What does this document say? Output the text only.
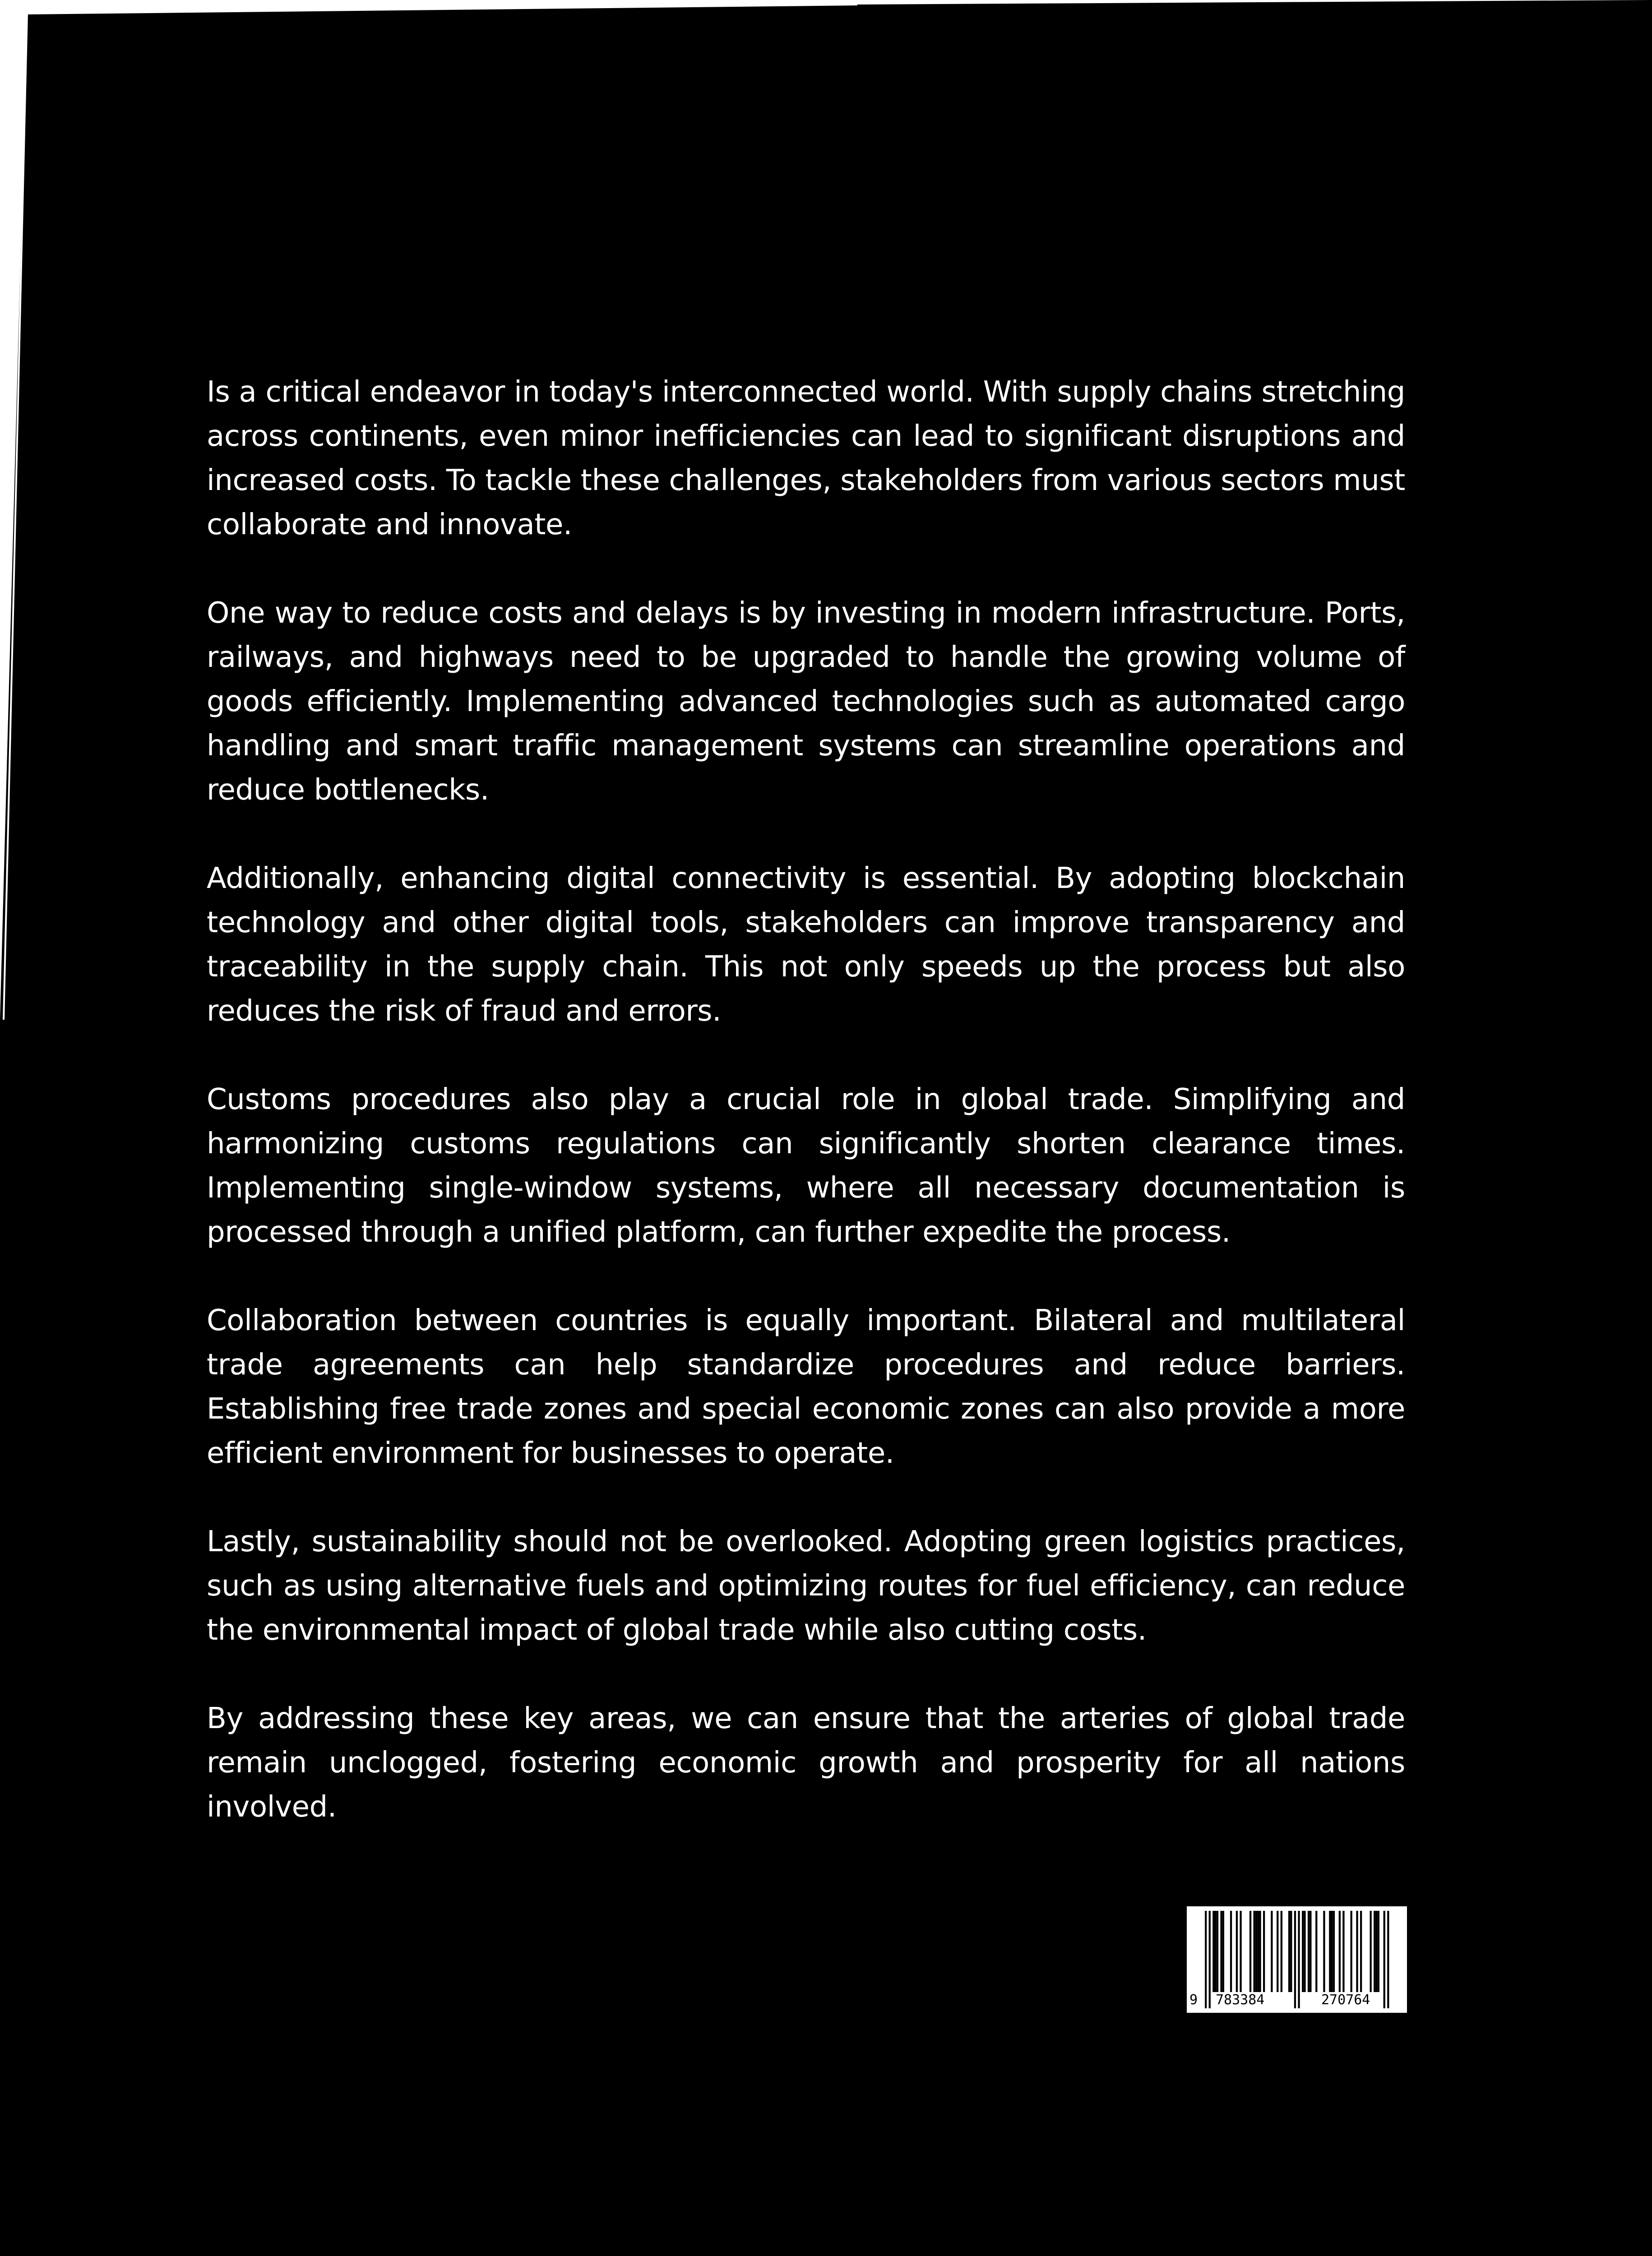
Is a critical endeavor in today's interconnected world. With supply chains stretching across continents, even minor inefficiencies can lead to significant disruptions and increased costs. To tackle these challenges, stakeholders from various sectors must collaborate and innovate.

One way to reduce costs and delays is by investing in modern infrastructure. Ports, railways, and highways need to be upgraded to handle the growing volume of goods efficiently. Implementing advanced technologies such as automated cargo handling and smart traffic management systems can streamline operations and reduce bottlenecks.

Additionally, enhancing digital connectivity is essential. By adopting blockchain technology and other digital tools, stakeholders can improve transparency and traceability in the supply chain. This not only speeds up the process but also reduces the risk of fraud and errors.

Customs procedures also play a crucial role in global trade. Simplifying and harmonizing customs regulations can significantly shorten clearance times. Implementing single-window systems, where all necessary documentation is processed through a unified platform, can further expedite the process.

Collaboration between countries is equally important. Bilateral and multilateral trade agreements can help standardize procedures and reduce barriers. Establishing free trade zones and special economic zones can also provide a more efficient environment for businesses to operate.

Lastly, sustainability should not be overlooked. Adopting green logistics practices, such as using alternative fuels and optimizing routes for fuel efficiency, can reduce the environmental impact of global trade while also cutting costs.

By addressing these key areas, we can ensure that the arteries of global trade remain unclogged, fostering economic growth and prosperity for all nations involved.

9 783384	270764
